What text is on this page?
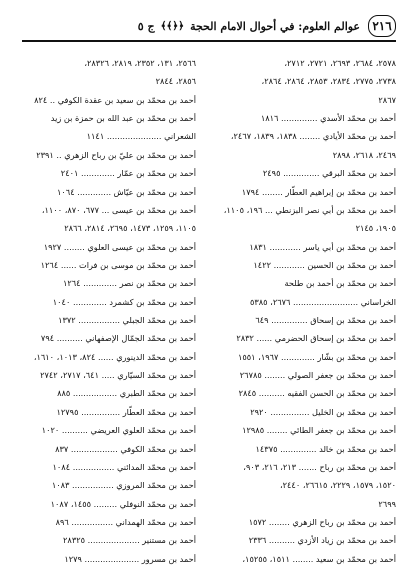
٢١٦
عوالم العلوم: في أحوال الامام الحجة
﴿﴿﴾﴾
ج ٥
٢٥٧٨، ٢٦٨٤، ٢٦٩٣، ٢٧٢١، ٢٧١٢،
٢٧٣٨، ٢٧٧٥، ٢٨٣٤، ٢٨٥٣، ٢٨٦٤، ٢٨٦٤،
٢٨٦٧
أحمد بن محمّد الأسدي .............. ١٨١٦
أحمد بن محمّد الأيادي ........ ١٨٣٨، ١٨٣٩، ٢٤٦٧،
٢٤٦٩، ٢٦١٨، ٢٨٩٨
أحمد بن محمّد البرقي .............. ٢٤٩٥
أحمد بن محمّد بن إبراهيم العطّار ........ ١٧٩٤
أحمد بن محمّد بن أبي نصر البزنطي ... ١٩٦، ١١٠٥،
١٩٠٥، ٢١٤٥
أحمد بن محمّد بن أبي ياسر ............ ١٨٣١
أحمد بن محمّد بن الحسين ............ ١٤٢٢
أحمد بن محمّد بن أحمد بن طلحة
الخراساني ......................... ٢٦٧٦، ٥٣٨٥
أحمد بن محمّد بن إسحاق .............. ٦٤٩
أحمد بن محمّد بن إسحاق الحضرمي ...... ٢٨٣٢
أحمد بن محمّد بن بشّار ............. ١٩٦٧، ١٥٥١
أحمد بن محمّد بن جعفر الصولي ........ ٢٦٧٨٥
أحمد بن محمّد بن الحسن الفقيه .......... ٢٨٤٥
أحمد بن محمّد بن الخليل ............... ٢٩٢٠
أحمد بن محمّد بن جعفر الطائي ........ ١٢٩٨٥
أحمد بن محمّد بن خالد .............. ١٤٣٧٥
أحمد بن محمّد بن رباح ....... ٢١٣، ٢١٦، ٩٠٣،
١٥٢٠، ١٥٧٩، ٢٢٢٩، ٢٦٦١٥، ٢٤٤٠،
٢٦٩٩
أحمد بن محمّد بن رباح الزهري ........ ١٥٧٢
أحمد بن محمّد بن زياد الأزدي .......... ٢٣٣٦
أحمد بن محمّد بن سعيد ........ ١٥١١، ١٥٢٥٥،
٢٥٦٦، ١٣١، ٢٣٥٢، ٢٨١٩، ٢٨٣٢٦،
٢٨٥٦، ٢٨٤٤
أحمد بن محمّد بن سعيد بن عقدة الكوفي .. ٨٢٤
أحمد بن محمّد بن عبد الله بن حمزة بن زيد
الشعراني ..................... ١١٤١
أحمد بن محمّد بن عليّ بن رباح الزهري .. ٢٣٩١
أحمد بن محمّد بن عمّار ............. ٢٤٠١
أحمد بن محمّد بن عيّاش ............. ١٠٦٤
أحمد بن محمّد بن عيسى ... ٦٧٧، ٨٧٠، ١١٠٠،
١١٠٥، ١٢٥٩، ١٤٧٣، ٢٦٩٥، ٢٨١٤، ٢٨٦٦
أحمد بن محمّد بن عيسى العلوي ........ ١٩٢٧
أحمد بن محمّد بن موسى بن فرات ...... ١٢٦٤
أحمد بن محمّد بن نصر ............. ١٢٦٤
أحمد بن محمّد بن كشمرد ............. ١٠٤٠
أحمد بن محمّد الجبلي ................ ١٣٧٢
أحمد بن محمّد الجمّال الإصفهاني .......... ٧٩٤
أحمد بن محمّد الدينوري ...... ٨٢٤، ١٠١٣، ١٦١٠،
أحمد بن محمّد السيّاري ..... ٦٤١، ٢٧١٧، ٢٧٤٢
أحمد بن محمّد الطبري ................. ٨٨٥
أحمد بن محمّد العطّار ............... ١٢٧٩٥
أحمد بن محمّد العلوي العريضي .......... ١٠٢٠
أحمد بن محمّد الكوفي .................. ٨٣٧
أحمد بن محمّد المدائني ................ ١٠٨٤
أحمد بن محمّد المروزي ................ ١٠٨٣
أحمد بن محمّد النوفلي ......... ١٤٥٥، ١٠٨٧
أحمد بن محمّد الهمداني ................ ٨٩٦
أحمد بن مستنير .................... ٢٨٣٢٥
أحمد بن مسرور ..................... ١٢٧٩
